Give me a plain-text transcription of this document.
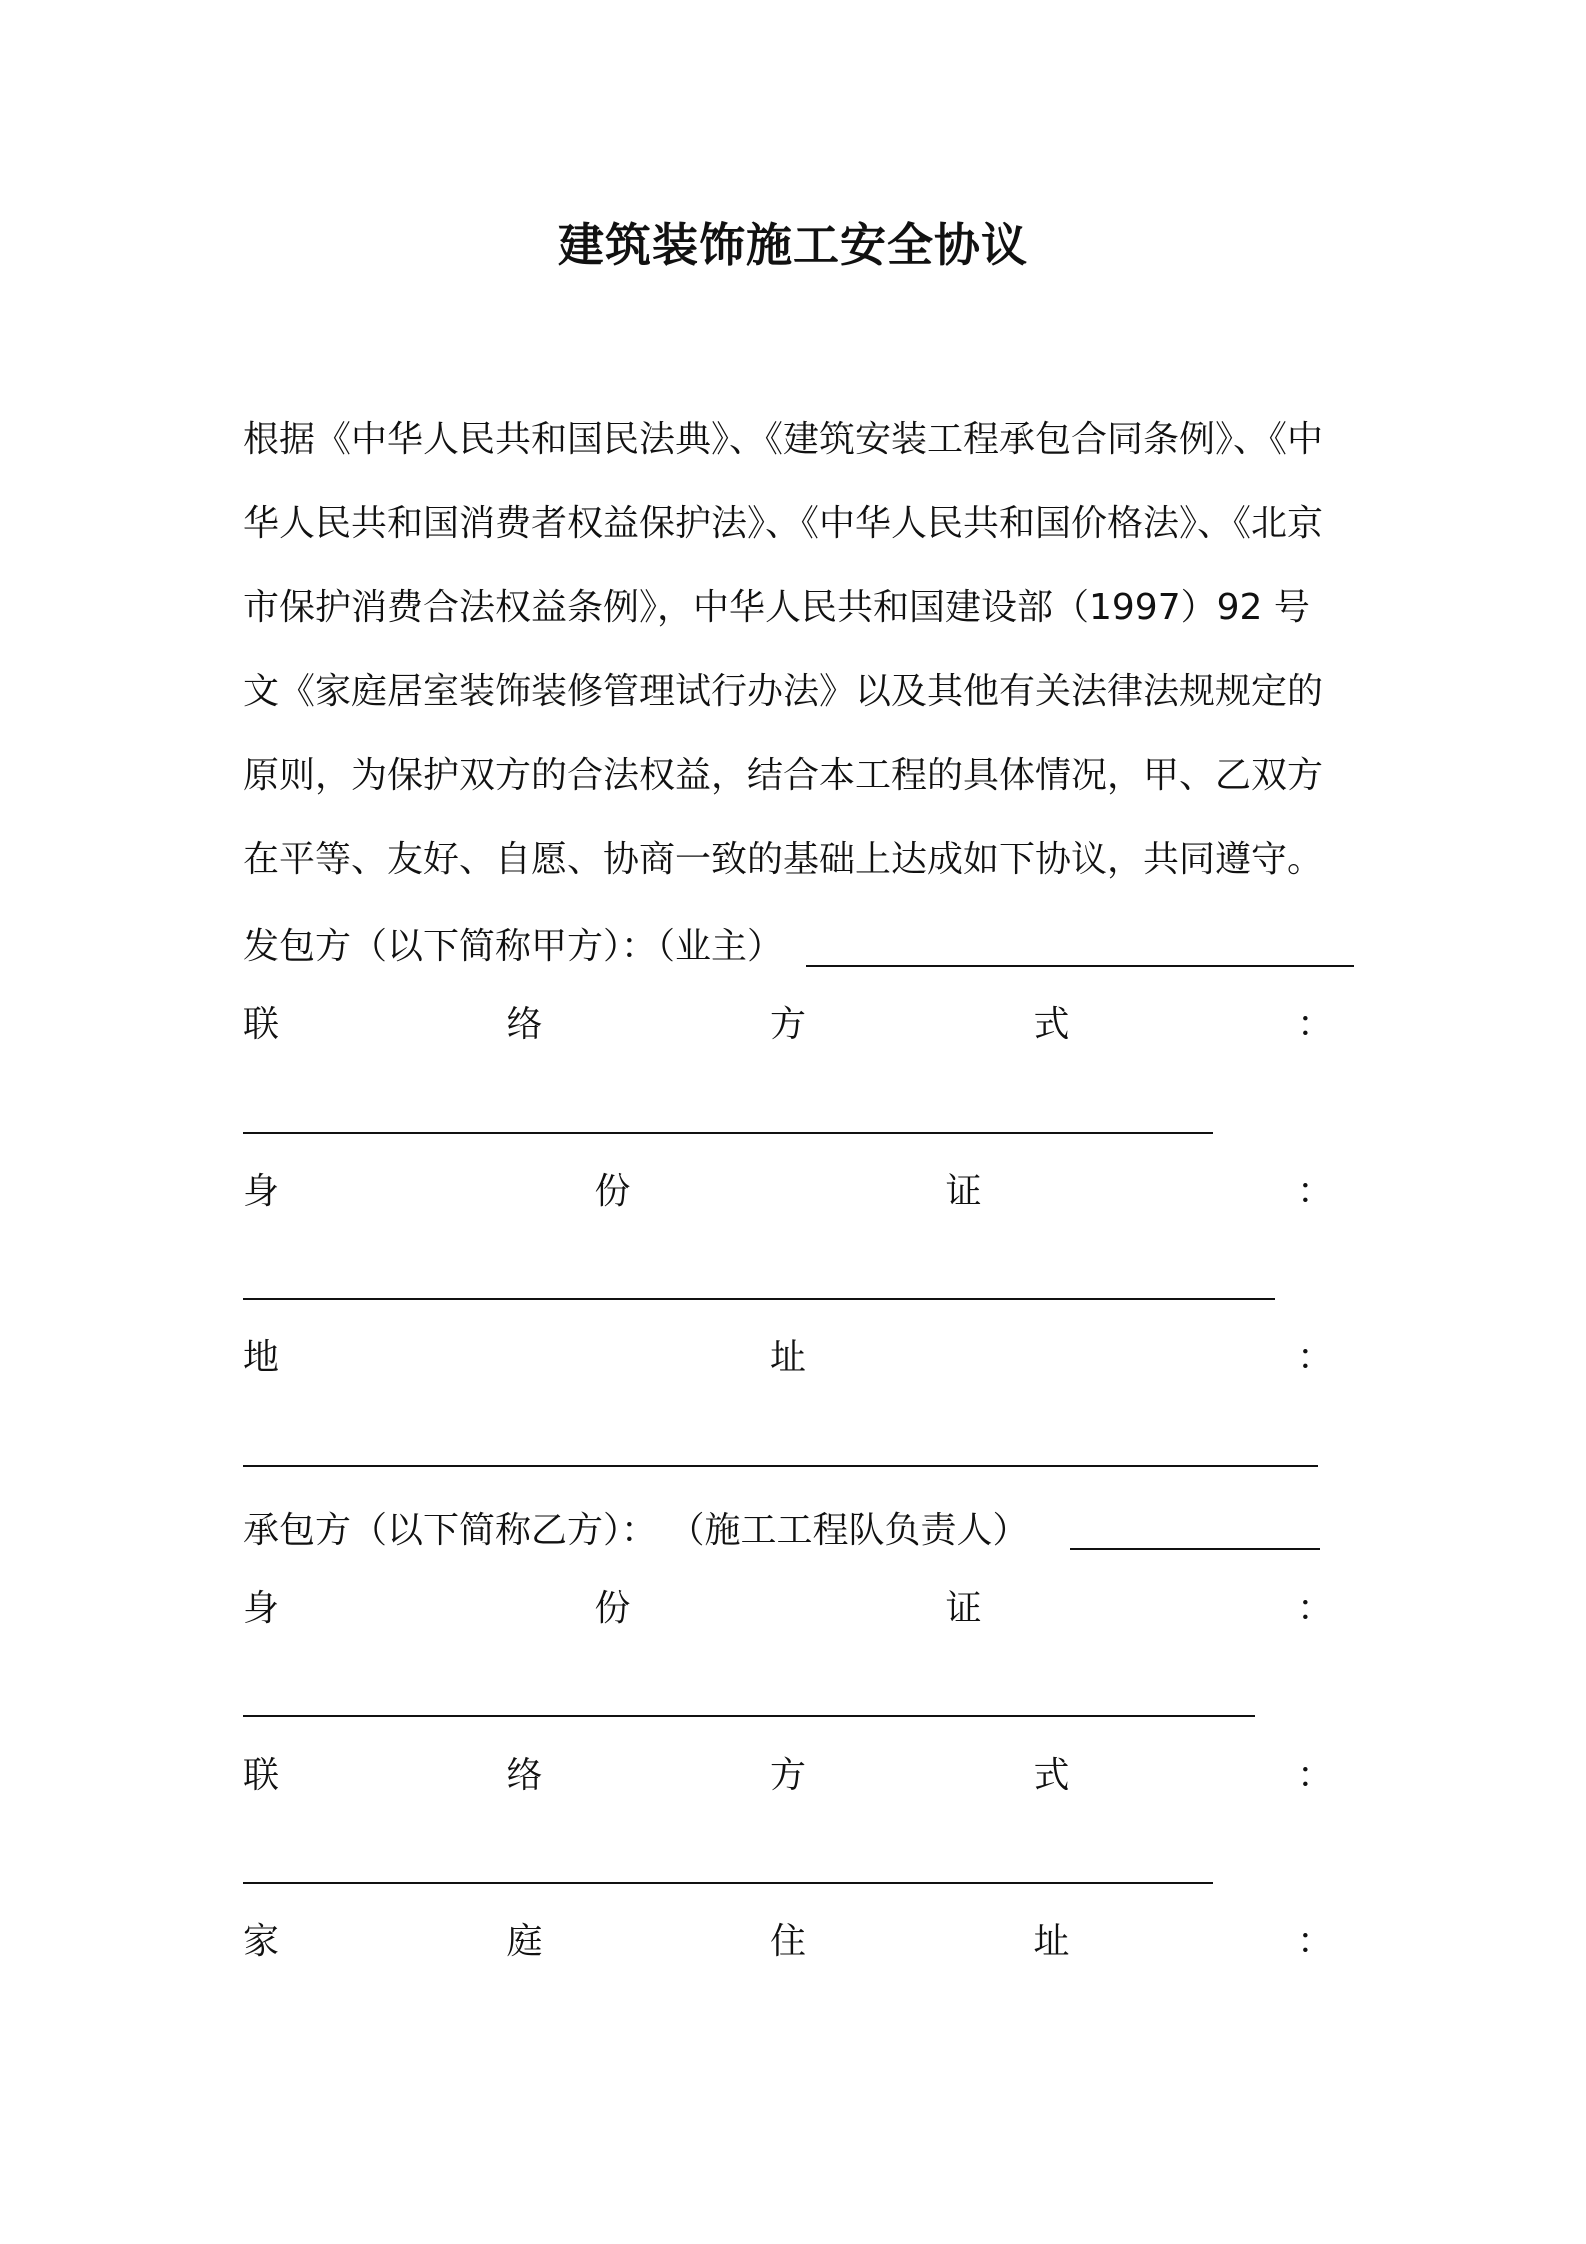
建筑装饰施工安全协议
根据《中华人民共和国民法典》、《建筑安装工程承包合同条例》、《中
华人民共和国消费者权益保护法》、《中华人民共和国价格法》、《北京
市保护消费合法权益条例》，中华人民共和国建设部（1997）92 号
文《家庭居室装饰装修管理试行办法》以及其他有关法律法规规定的
原则，为保护双方的合法权益，结合本工程的具体情况，甲、乙双方
在平等、友好、自愿、协商一致的基础上达成如下协议，共同遵守。
发包方（以下简称甲方）：（业主）
联	络	方	式	：
身	份	证	：
地	址	：
承包方（以下简称乙方）： （施工工程队负责人）
身	份	证	：
联	络	方	式	：
家	庭	住	址	：
